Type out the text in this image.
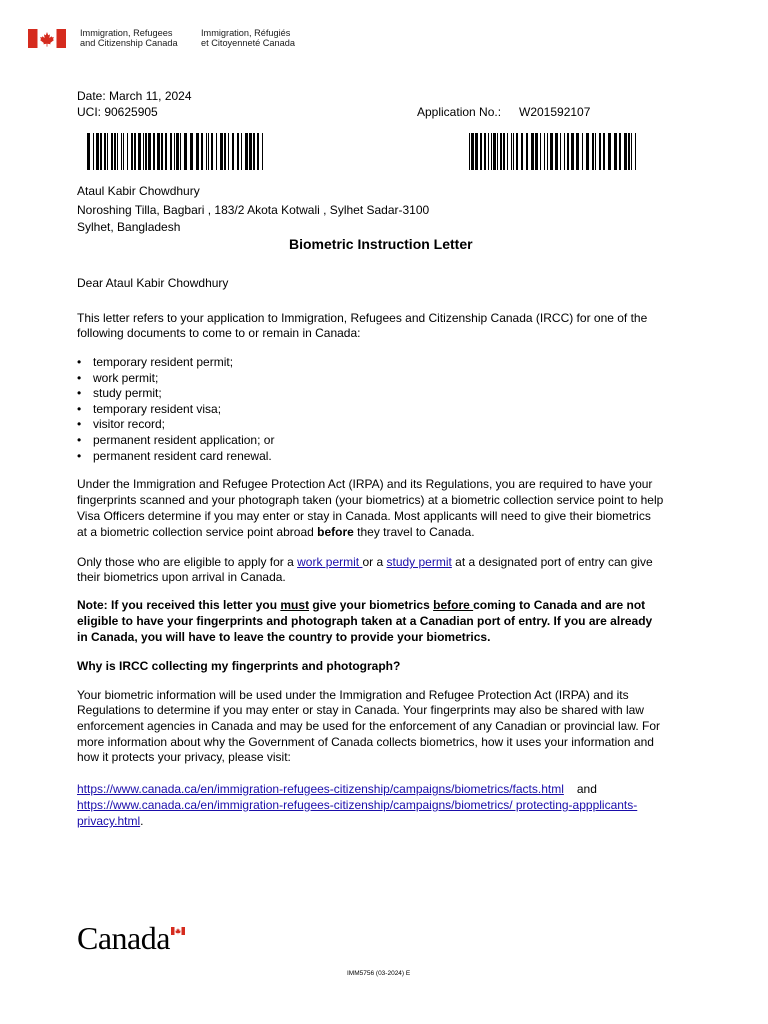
Immigration, Refugees
and Citizenship Canada
Immigration, Réfugiés
et Citoyenneté Canada
Date: March 11, 2024
UCI: 90625905	Application No.: W201592107
Ataul Kabir Chowdhury
Noroshing Tilla, Bagbari , 183/2 Akota Kotwali , Sylhet Sadar-3100
Sylhet, Bangladesh
Biometric Instruction Letter
Dear Ataul Kabir Chowdhury
This letter refers to your application to Immigration, Refugees and Citizenship Canada (IRCC) for one of the
following documents to come to or remain in Canada:
• temporary resident permit;
• work permit;
• study permit;
• temporary resident visa;
• visitor record;
• permanent resident application; or
• permanent resident card renewal.
Under the Immigration and Refugee Protection Act (IRPA) and its Regulations, you are required to have your
fingerprints scanned and your photograph taken (your biometrics) at a biometric collection service point to help
Visa Officers determine if you may enter or stay in Canada. Most applicants will need to give their biometrics
at a biometric collection service point abroad before they travel to Canada.
Only those who are eligible to apply for a work permit or a study permit at a designated port of entry can give
their biometrics upon arrival in Canada.
Note: If you received this letter you must give your biometrics before coming to Canada and are not
eligible to have your fingerprints and photograph taken at a Canadian port of entry. If you are already
in Canada, you will have to leave the country to provide your biometrics.
Why is IRCC collecting my fingerprints and photograph?
Your biometric information will be used under the Immigration and Refugee Protection Act (IRPA) and its
Regulations to determine if you may enter or stay in Canada. Your fingerprints may also be shared with law
enforcement agencies in Canada and may be used for the enforcement of any Canadian or provincial law. For
more information about why the Government of Canada collects biometrics, how it uses your information and
how it protects your privacy, please visit:
https://www.canada.ca/en/immigration-refugees-citizenship/campaigns/biometrics/facts.html and
https://www.canada.ca/en/immigration-refugees-citizenship/campaigns/biometrics/ protecting-appplicants-
privacy.html.
Canada
IMM5756 (03-2024) E
